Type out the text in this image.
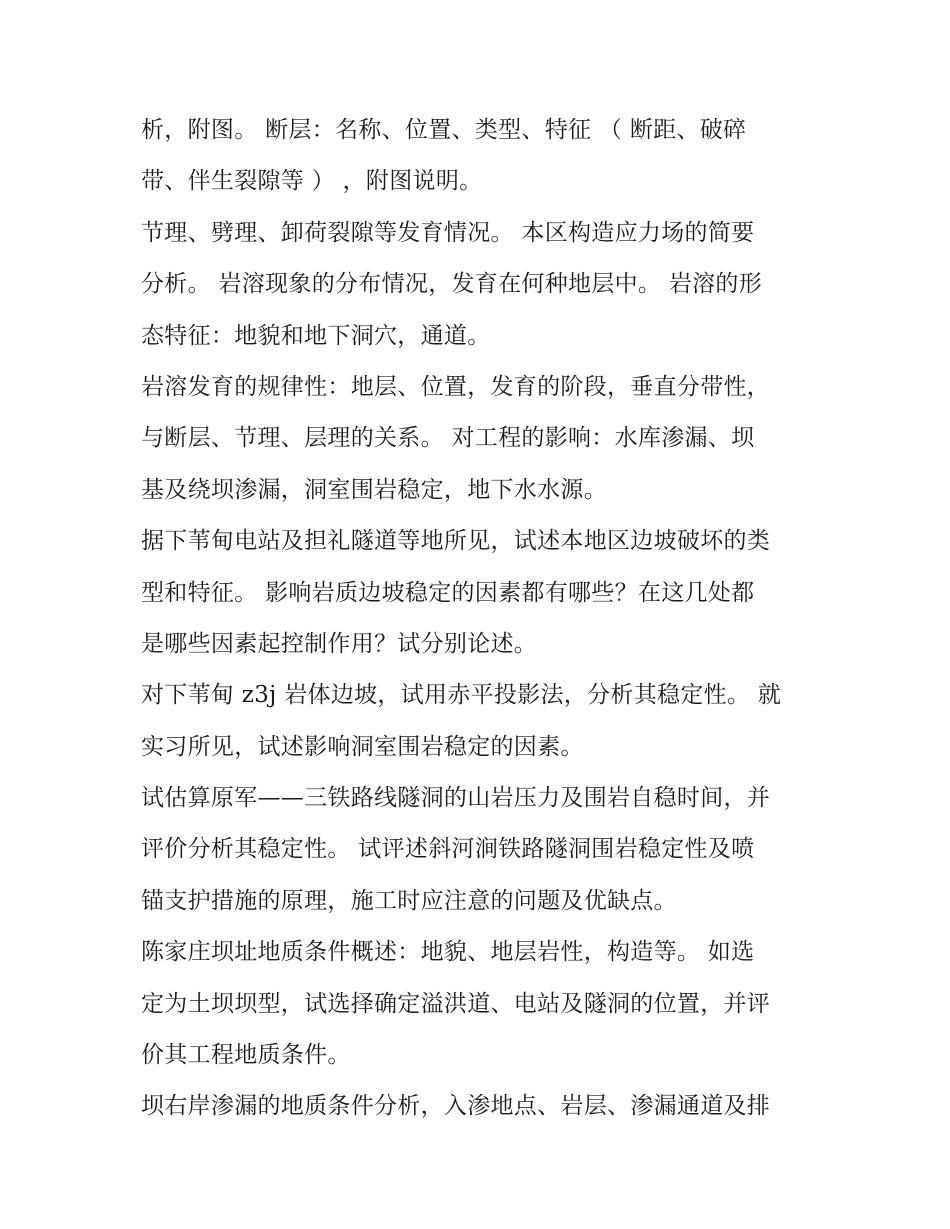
析，附图。 断层：名称、位置、类型、特征 （ 断距、破碎
带、伴生裂隙等 ） ，附图说明。
节理、劈理、卸荷裂隙等发育情况。 本区构造应力场的简要
分析。 岩溶现象的分布情况，发育在何种地层中。 岩溶的形
态特征：地貌和地下洞穴，通道。
岩溶发育的规律性：地层、位置，发育的阶段，垂直分带性，
与断层、节理、层理的关系。 对工程的影响：水库渗漏、坝
基及绕坝渗漏，洞室围岩稳定，地下水水源。
据下苇甸电站及担礼隧道等地所见，试述本地区边坡破坏的类
型和特征。 影响岩质边坡稳定的因素都有哪些？在这几处都
是哪些因素起控制作用？试分别论述。
对下苇甸 z3j 岩体边坡，试用赤平投影法，分析其稳定性。 就
实习所见，试述影响洞室围岩稳定的因素。
试估算原军——三铁路线隧洞的山岩压力及围岩自稳时间，并
评价分析其稳定性。 试评述斜河涧铁路隧洞围岩稳定性及喷
锚支护措施的原理，施工时应注意的问题及优缺点。
陈家庄坝址地质条件概述：地貌、地层岩性，构造等。 如选
定为土坝坝型，试选择确定溢洪道、电站及隧洞的位置，并评
价其工程地质条件。
坝右岸渗漏的地质条件分析，入渗地点、岩层、渗漏通道及排
